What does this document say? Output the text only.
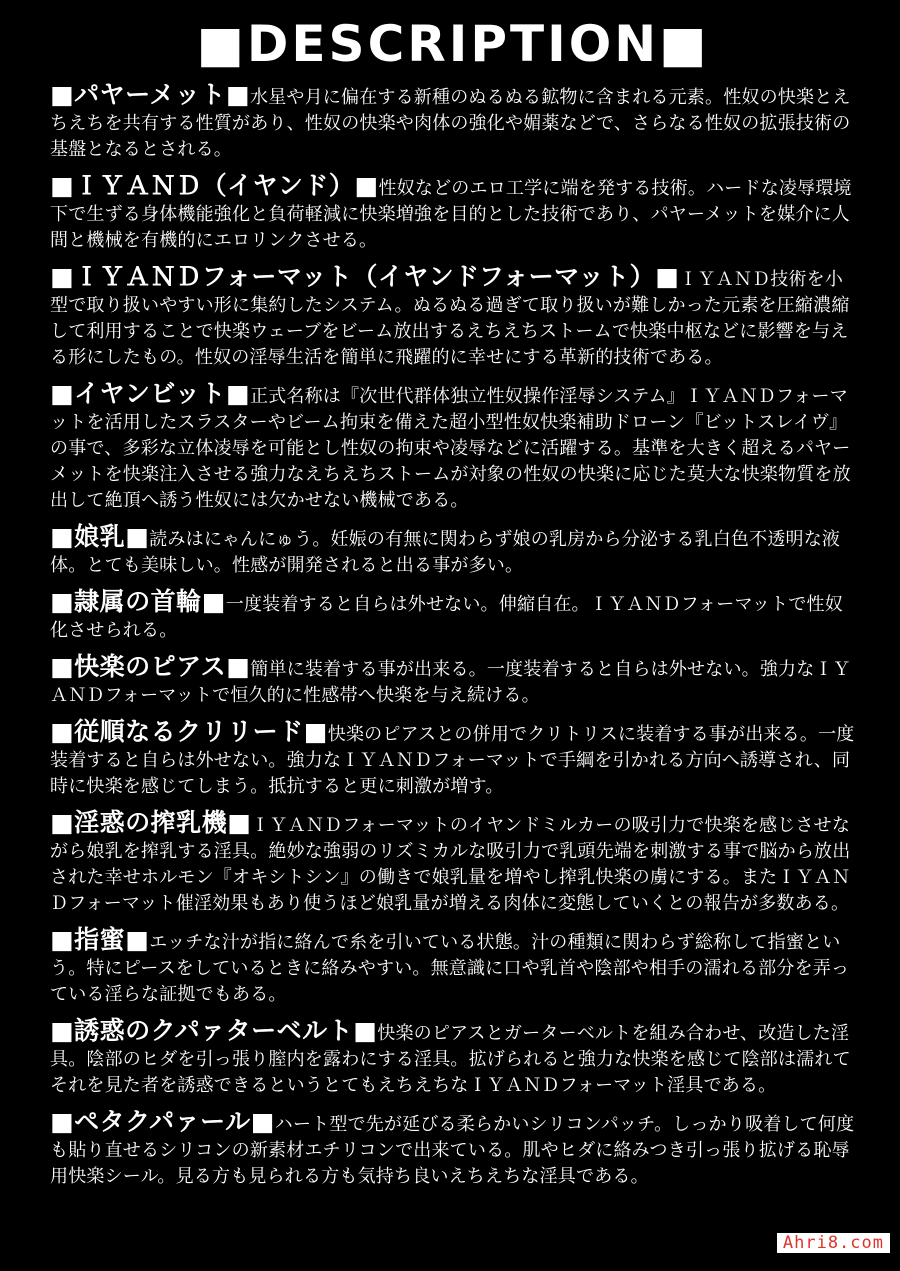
■DESCRIPTION■
■パヤーメット■水星や月に偏在する新種のぬるぬる鉱物に含まれる元素。性奴の快楽とえちえちを共有する性質があり、性奴の快楽や肉体の強化や媚薬などで、さらなる性奴の拡張技術の基盤となるとされる。
■ＩＹＡＮＤ（イヤンド）■性奴などのエロ工学に端を発する技術。ハードな凌辱環境下で生ずる身体機能強化と負荷軽減に快楽増強を目的とした技術であり、パヤーメットを媒介に人間と機械を有機的にエロリンクさせる。
■ＩＹＡＮＤフォーマット（イヤンドフォーマット）■ＩＹＡＮＤ技術を小型で取り扱いやすい形に集約したシステム。ぬるぬる過ぎて取り扱いが難しかった元素を圧縮濃縮して利用することで快楽ウェーブをビーム放出するえちえちストームで快楽中枢などに影響を与える形にしたもの。性奴の淫辱生活を簡単に飛躍的に幸せにする革新的技術である。
■イヤンビット■正式名称は『次世代群体独立性奴操作淫辱システム』ＩＹＡＮＤフォーマットを活用したスラスターやビーム拘束を備えた超小型性奴快楽補助ドローン『ビットスレイヴ』の事で、多彩な立体凌辱を可能とし性奴の拘束や凌辱などに活躍する。基準を大きく超えるパヤーメットを快楽注入させる強力なえちえちストームが対象の性奴の快楽に応じた莫大な快楽物質を放出して絶頂へ誘う性奴には欠かせない機械である。
■娘乳■読みはにゃんにゅう。妊娠の有無に関わらず娘の乳房から分泌する乳白色不透明な液体。とても美味しい。性感が開発されると出る事が多い。
■隷属の首輪■一度装着すると自らは外せない。伸縮自在。ＩＹＡＮＤフォーマットで性奴化させられる。
■快楽のピアス■簡単に装着する事が出来る。一度装着すると自らは外せない。強力なＩＹＡＮＤフォーマットで恒久的に性感帯へ快楽を与え続ける。
■従順なるクリリード■快楽のピアスとの併用でクリトリスに装着する事が出来る。一度装着すると自らは外せない。強力なＩＹＡＮＤフォーマットで手綱を引かれる方向へ誘導され、同時に快楽を感じてしまう。抵抗すると更に刺激が増す。
■淫惑の搾乳機■ＩＹＡＮＤフォーマットのイヤンドミルカーの吸引力で快楽を感じさせながら娘乳を搾乳する淫具。絶妙な強弱のリズミカルな吸引力で乳頭先端を刺激する事で脳から放出された幸せホルモン『オキシトシン』の働きで娘乳量を増やし搾乳快楽の虜にする。またＩＹＡＮＤフォーマット催淫効果もあり使うほど娘乳量が増える肉体に変態していくとの報告が多数ある。
■指蜜■エッチな汁が指に絡んで糸を引いている状態。汁の種類に関わらず総称して指蜜という。特にピースをしているときに絡みやすい。無意識に口や乳首や陰部や相手の濡れる部分を弄っている淫らな証拠でもある。
■誘惑のクパァターベルト■快楽のピアスとガーターベルトを組み合わせ、改造した淫具。陰部のヒダを引っ張り膣内を露わにする淫具。拡げられると強力な快楽を感じて陰部は濡れてそれを見た者を誘惑できるというとてもえちえちなＩＹＡＮＤフォーマット淫具である。
■ペタクパァール■ハート型で先が延びる柔らかいシリコンパッチ。しっかり吸着して何度も貼り直せるシリコンの新素材エチリコンで出来ている。肌やヒダに絡みつき引っ張り拡げる恥辱用快楽シール。見る方も見られる方も気持ち良いえちえちな淫具である。
Ahri8.com
